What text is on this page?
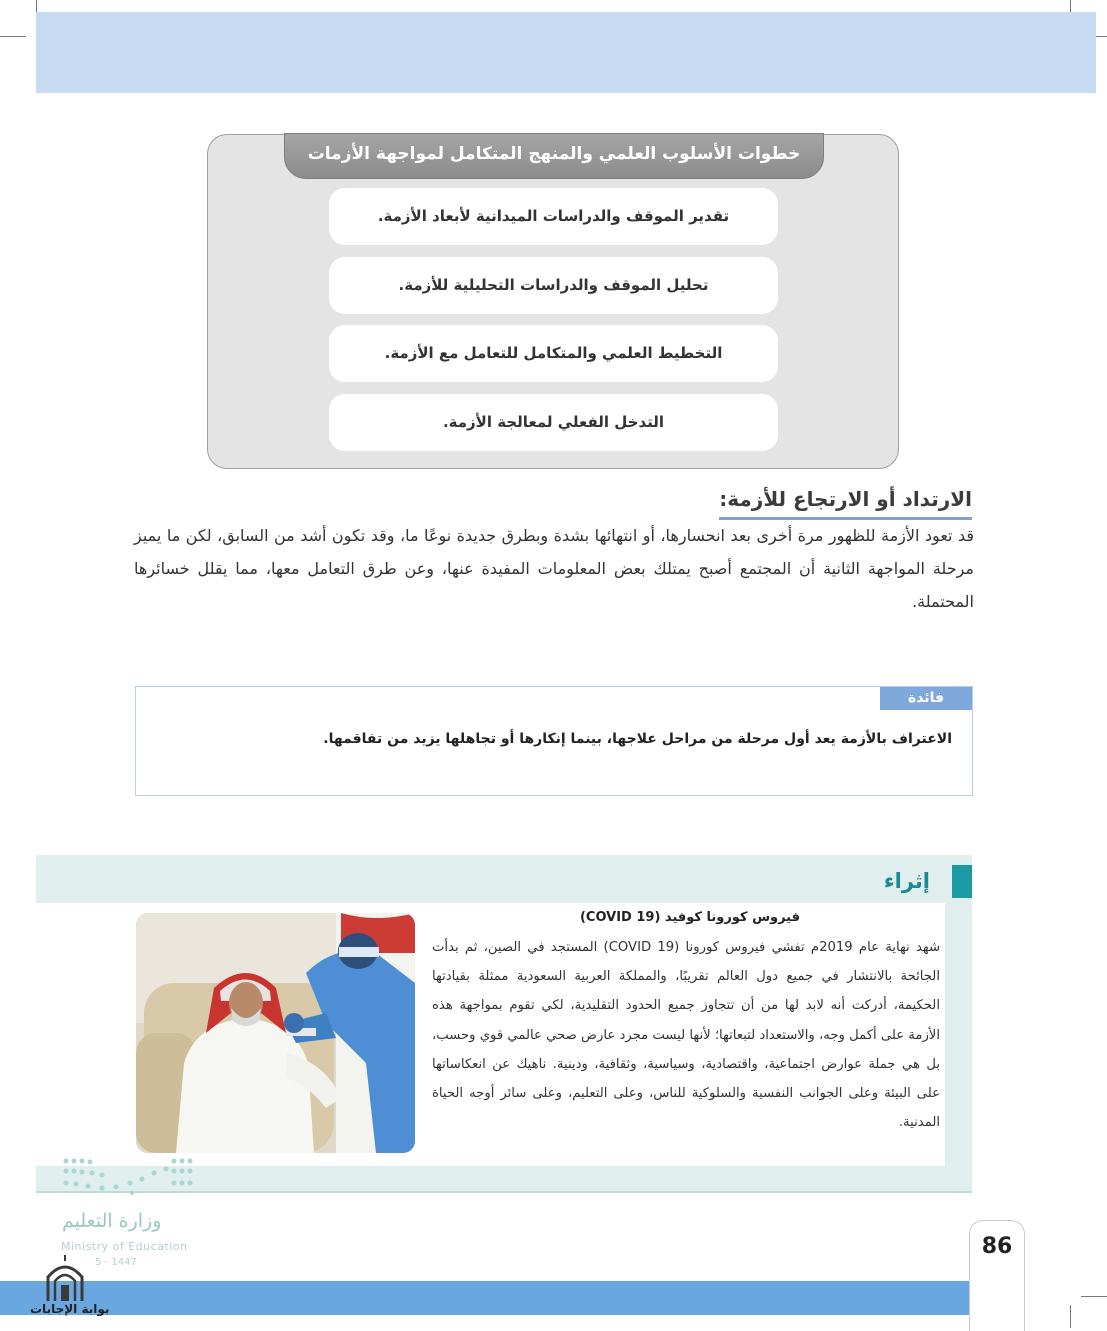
خطوات الأسلوب العلمي والمنهج المتكامل لمواجهة الأزمات
تقدير الموقف والدراسات الميدانية لأبعاد الأزمة.
تحليل الموقف والدراسات التحليلية للأزمة.
التخطيط العلمي والمتكامل للتعامل مع الأزمة.
التدخل الفعلي لمعالجة الأزمة.
الارتداد أو الارتجاع للأزمة:
قد تعود الأزمة للظهور مرة أخرى بعد انحسارها، أو انتهائها بشدة وبطرق جديدة نوعًا ما، وقد تكون أشد من السابق، لكن ما يميز مرحلة المواجهة الثانية أن المجتمع أصبح يمتلك بعض المعلومات المفيدة عنها، وعن طرق التعامل معها، مما يقلل خسائرها المحتملة.
فائدة
الاعتراف بالأزمة يعد أول مرحلة من مراحل علاجها، بينما إنكارها أو تجاهلها يزيد من تفاقمها.
إثراء
فيروس كورونا كوفيد (COVID 19)
شهد نهاية عام 2019م تفشي فيروس كورونا (COVID 19) المستجد في الصين، ثم بدأت الجائحة بالانتشار في جميع دول العالم تقريبًا، والمملكة العربية السعودية ممثلة بقيادتها الحكيمة، أدركت أنه لابد لها من أن تتجاوز جميع الحدود التقليدية، لكي تقوم بمواجهة هذه الأزمة على أكمل وجه، والاستعداد لتبعاتها؛ لأنها ليست مجرد عارض صحي عالمي قوي وحسب، بل هي جملة عوارض اجتماعية، واقتصادية، وسياسية، وثقافية، ودينية. ناهيك عن انعكاساتها على البيئة وعلى الجوانب النفسية والسلوكية للناس، وعلى التعليم، وعلى سائر أوجه الحياة المدنية.
وزارة التعليم
Ministry of Education
5 - 1447
86
بوابة الإجابات
